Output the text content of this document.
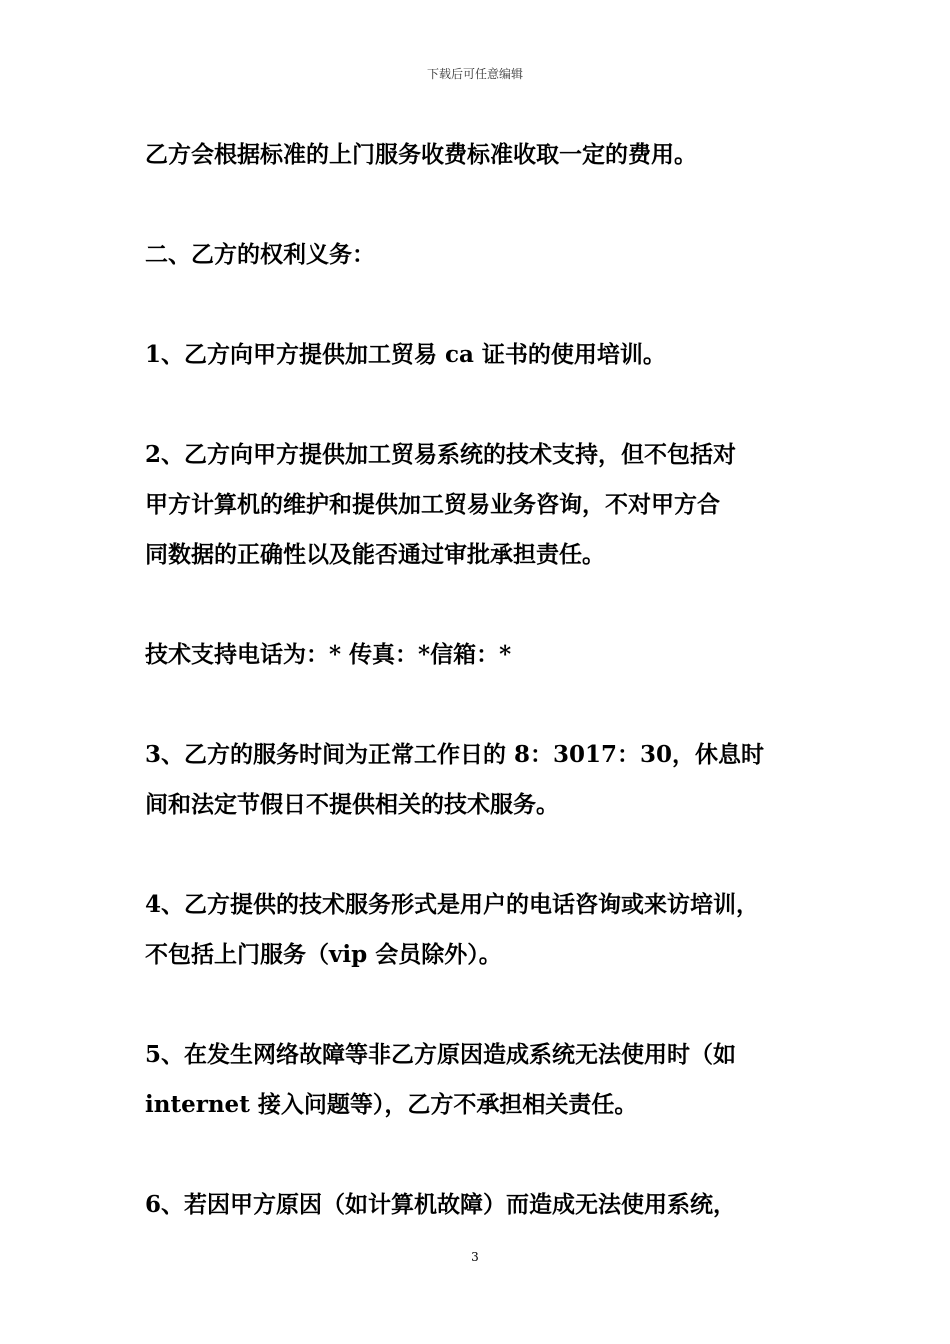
下载后可任意编辑

乙方会根据标准的上门服务收费标准收取一定的费用。

二、乙方的权利义务：

1、乙方向甲方提供加工贸易 ca 证书的使用培训。

2、乙方向甲方提供加工贸易系统的技术支持，但不包括对
甲方计算机的维护和提供加工贸易业务咨询，不对甲方合
同数据的正确性以及能否通过审批承担责任。

技术支持电话为：* 传真：*信箱：*

3、乙方的服务时间为正常工作日的 8：3017：30，休息时
间和法定节假日不提供相关的技术服务。

4、乙方提供的技术服务形式是用户的电话咨询或来访培训，
不包括上门服务（vip 会员除外）。

5、在发生网络故障等非乙方原因造成系统无法使用时（如
internet 接入问题等），乙方不承担相关责任。

6、若因甲方原因（如计算机故障）而造成无法使用系统，

3
